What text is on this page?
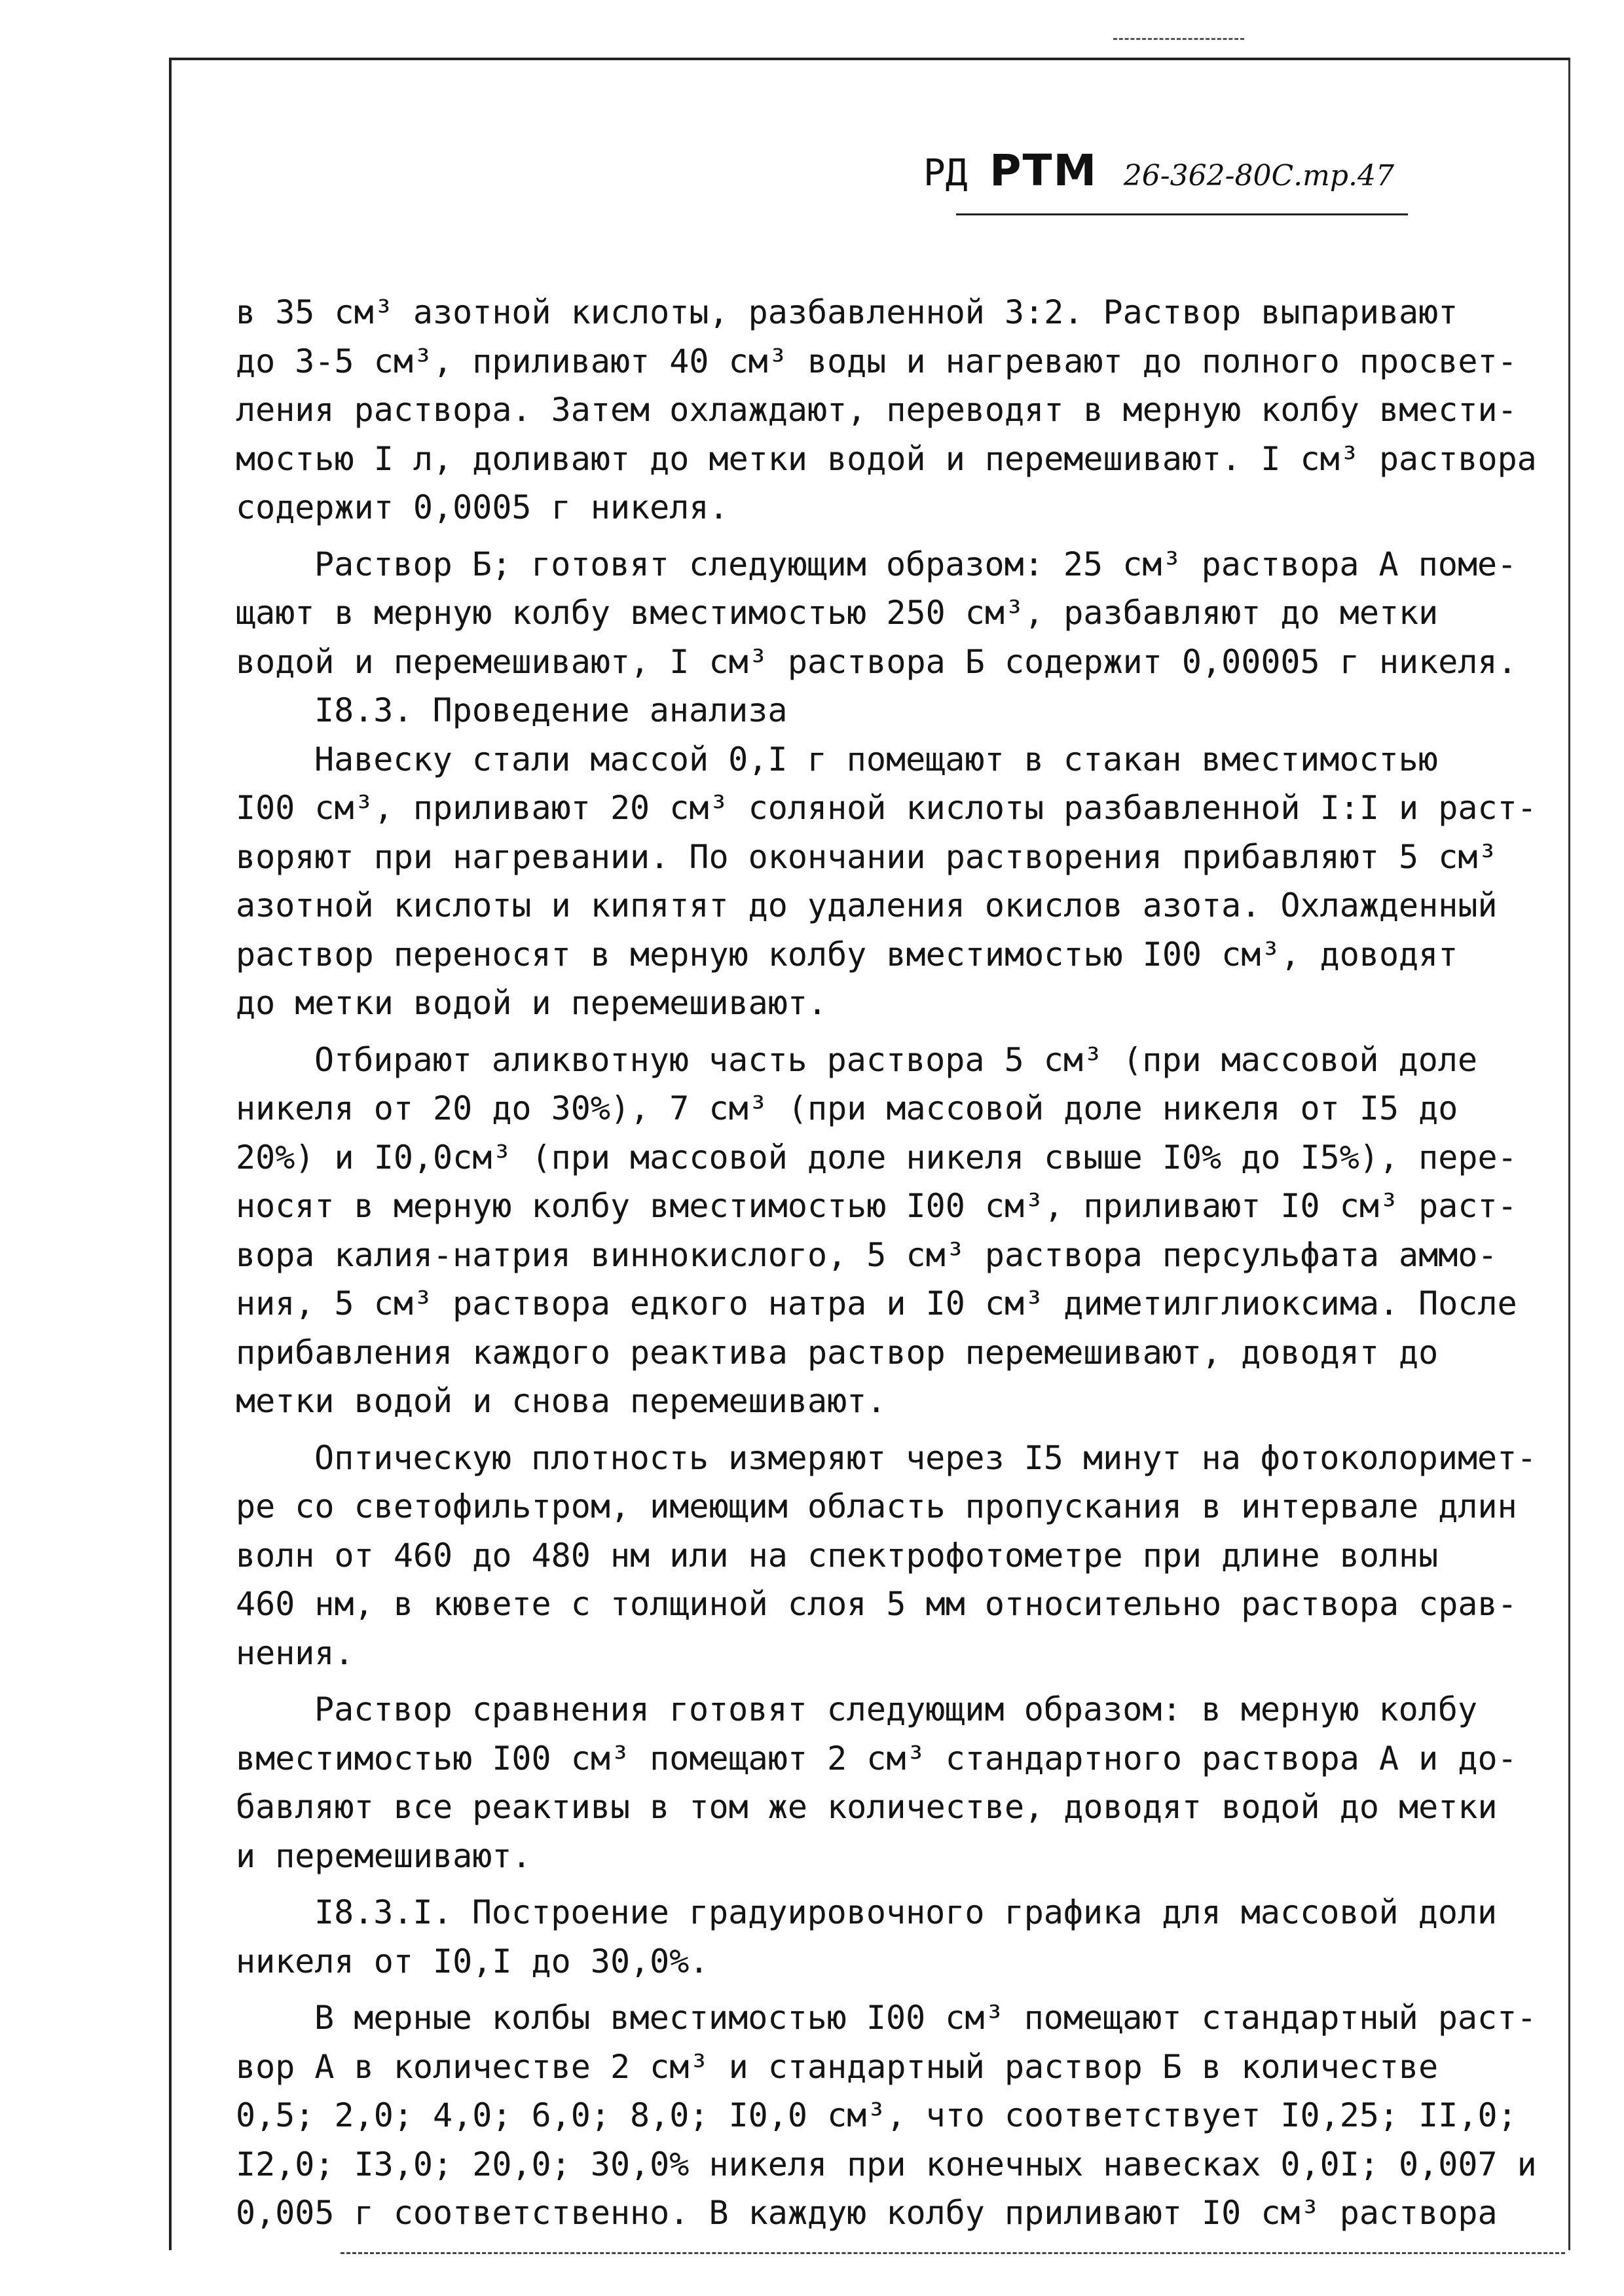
РД РТМ 26-362-80С.тр.47

в 35 см³ азотной кислоты, разбавленной 3:2. Раствор выпаривают

до 3-5 см³, приливают 40 см³ воды и нагревают до полного просвет-

ления раствора. Затем охлаждают, переводят в мерную колбу вмести-

мостью I л, доливают до метки водой и перемешивают. I см³ раствора

содержит 0,0005 г никеля.

Раствор Б; готовят следующим образом: 25 см³ раствора А поме-

щают в мерную колбу вместимостью 250 см³, разбавляют до метки

водой и перемешивают, I см³ раствора Б содержит 0,00005 г никеля.

I8.3. Проведение анализа

Навеску стали массой 0,I г помещают в стакан вместимостью

I00 см³, приливают 20 см³ соляной кислоты разбавленной I:I и раст-

воряют при нагревании. По окончании растворения прибавляют 5 см³

азотной кислоты и кипятят до удаления окислов азота. Охлажденный

раствор переносят в мерную колбу вместимостью I00 см³, доводят

до метки водой и перемешивают.

Отбирают аликвотную часть раствора 5 см³ (при массовой доле

никеля от 20 до 30%), 7 см³ (при массовой доле никеля от I5 до

20%) и I0,0см³ (при массовой доле никеля свыше I0% до I5%), пере-

носят в мерную колбу вместимостью I00 см³, приливают I0 см³ раст-

вора калия-натрия виннокислого, 5 см³ раствора персульфата аммо-

ния, 5 см³ раствора едкого натра и I0 см³ диметилглиоксима. После

прибавления каждого реактива раствор перемешивают, доводят до

метки водой и снова перемешивают.

Оптическую плотность измеряют через I5 минут на фотоколоримет-

ре со светофильтром, имеющим область пропускания в интервале длин

волн от 460 до 480 нм или на спектрофотометре при длине волны

460 нм, в кювете с толщиной слоя 5 мм относительно раствора срав-

нения.

Раствор сравнения готовят следующим образом: в мерную колбу

вместимостью I00 см³ помещают 2 см³ стандартного раствора А и до-

бавляют все реактивы в том же количестве, доводят водой до метки

и перемешивают.

I8.3.I. Построение градуировочного графика для массовой доли

никеля от I0,I до 30,0%.

В мерные колбы вместимостью I00 см³ помещают стандартный раст-

вор А в количестве 2 см³ и стандартный раствор Б в количестве

0,5; 2,0; 4,0; 6,0; 8,0; I0,0 см³, что соответствует I0,25; II,0;

I2,0; I3,0; 20,0; 30,0% никеля при конечных навесках 0,0I; 0,007 и

0,005 г соответственно. В каждую колбу приливают I0 см³ раствора
